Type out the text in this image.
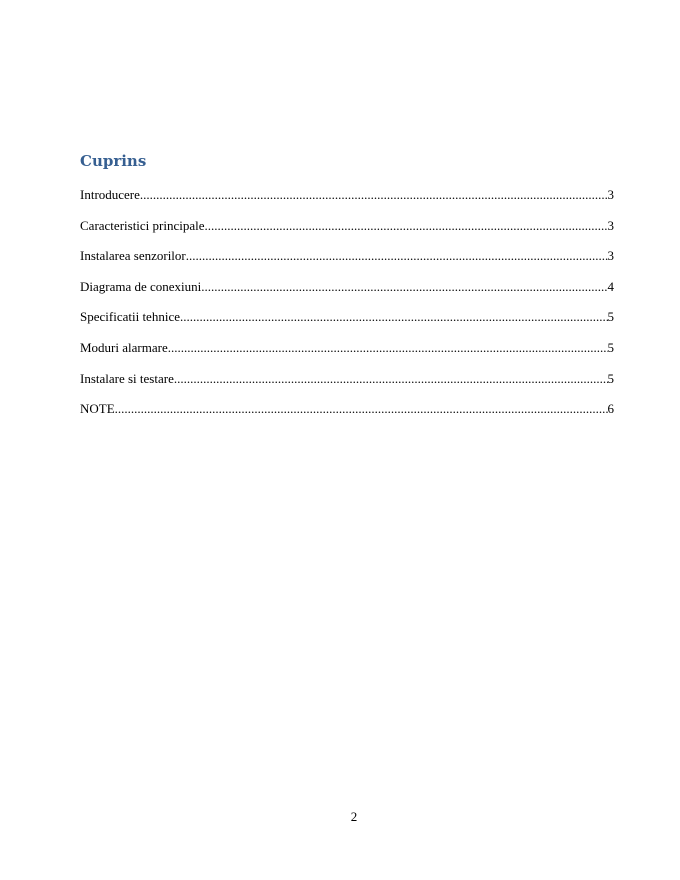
Cuprins
Introducere .....	3
Caracteristici principale .....	3
Instalarea senzorilor .....	3
Diagrama de conexiuni .....	4
Specificatii tehnice .....	5
Moduri alarmare .....	5
Instalare si testare .....	5
NOTE .....	6
2
